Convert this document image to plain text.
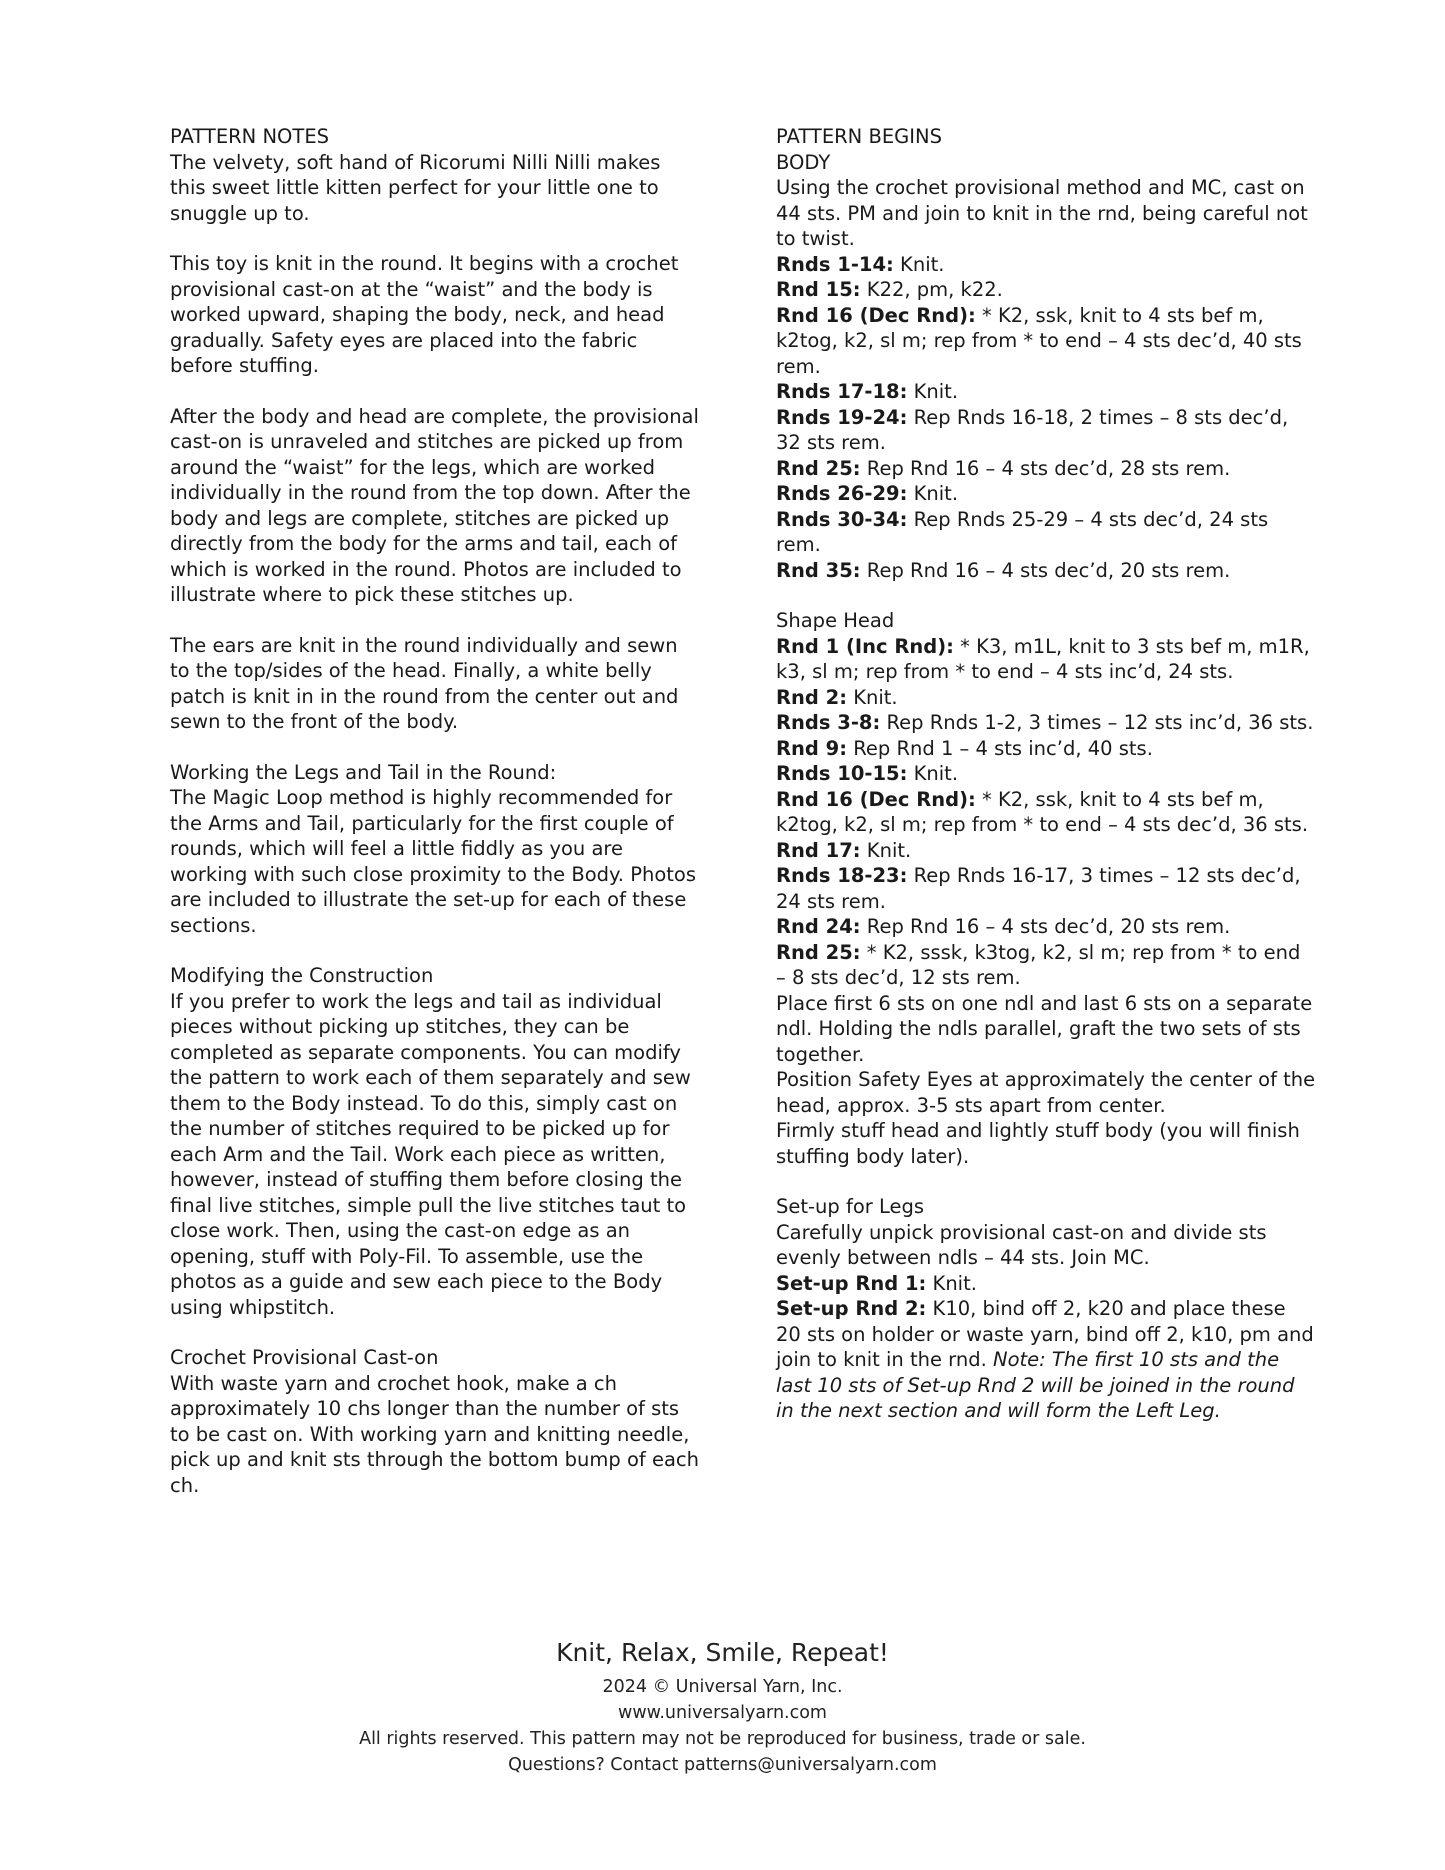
PATTERN NOTES

The velvety, soft hand of Ricorumi Nilli Nilli makes this sweet little kitten perfect for your little one to snuggle up to.

This toy is knit in the round. It begins with a crochet provisional cast-on at the “waist” and the body is worked upward, shaping the body, neck, and head gradually. Safety eyes are placed into the fabric before stuffing.

After the body and head are complete, the provisional cast-on is unraveled and stitches are picked up from around the “waist” for the legs, which are worked individually in the round from the top down. After the body and legs are complete, stitches are picked up directly from the body for the arms and tail, each of which is worked in the round. Photos are included to illustrate where to pick these stitches up.

The ears are knit in the round individually and sewn to the top/sides of the head. Finally, a white belly patch is knit in in the round from the center out and sewn to the front of the body.

Working the Legs and Tail in the Round:

The Magic Loop method is highly recommended for the Arms and Tail, particularly for the first couple of rounds, which will feel a little fiddly as you are working with such close proximity to the Body. Photos are included to illustrate the set-up for each of these sections.

Modifying the Construction

If you prefer to work the legs and tail as individual pieces without picking up stitches, they can be completed as separate components. You can modify the pattern to work each of them separately and sew them to the Body instead. To do this, simply cast on the number of stitches required to be picked up for each Arm and the Tail. Work each piece as written, however, instead of stuffing them before closing the final live stitches, simple pull the live stitches taut to close work. Then, using the cast-on edge as an opening, stuff with Poly-Fil. To assemble, use the photos as a guide and sew each piece to the Body using whipstitch.

Crochet Provisional Cast-on

With waste yarn and crochet hook, make a ch approximately 10 chs longer than the number of sts to be cast on. With working yarn and knitting needle, pick up and knit sts through the bottom bump of each ch.

PATTERN BEGINS

BODY

Using the crochet provisional method and MC, cast on 44 sts. PM and join to knit in the rnd, being careful not to twist.

Rnds 1-14: Knit.

Rnd 15: K22, pm, k22.

Rnd 16 (Dec Rnd): * K2, ssk, knit to 4 sts bef m, k2tog, k2, sl m; rep from * to end – 4 sts dec’d, 40 sts rem.

Rnds 17-18: Knit.

Rnds 19-24: Rep Rnds 16-18, 2 times – 8 sts dec’d, 32 sts rem.

Rnd 25: Rep Rnd 16 – 4 sts dec’d, 28 sts rem.

Rnds 26-29: Knit.

Rnds 30-34: Rep Rnds 25-29 – 4 sts dec’d, 24 sts rem.

Rnd 35: Rep Rnd 16 – 4 sts dec’d, 20 sts rem.

Shape Head

Rnd 1 (Inc Rnd): * K3, m1L, knit to 3 sts bef m, m1R, k3, sl m; rep from * to end – 4 sts inc’d, 24 sts.

Rnd 2: Knit.

Rnds 3-8: Rep Rnds 1-2, 3 times – 12 sts inc’d, 36 sts.

Rnd 9: Rep Rnd 1 – 4 sts inc’d, 40 sts.

Rnds 10-15: Knit.

Rnd 16 (Dec Rnd): * K2, ssk, knit to 4 sts bef m, k2tog, k2, sl m; rep from * to end – 4 sts dec’d, 36 sts.

Rnd 17: Knit.

Rnds 18-23: Rep Rnds 16-17, 3 times – 12 sts dec’d, 24 sts rem.

Rnd 24: Rep Rnd 16 – 4 sts dec’d, 20 sts rem.

Rnd 25: * K2, sssk, k3tog, k2, sl m; rep from * to end – 8 sts dec’d, 12 sts rem.

Place first 6 sts on one ndl and last 6 sts on a separate ndl. Holding the ndls parallel, graft the two sets of sts together.

Position Safety Eyes at approximately the center of the head, approx. 3-5 sts apart from center.

Firmly stuff head and lightly stuff body (you will finish stuffing body later).

Set-up for Legs

Carefully unpick provisional cast-on and divide sts evenly between ndls – 44 sts. Join MC.

Set-up Rnd 1: Knit.

Set-up Rnd 2: K10, bind off 2, k20 and place these 20 sts on holder or waste yarn, bind off 2, k10, pm and join to knit in the rnd. Note: The first 10 sts and the last 10 sts of Set-up Rnd 2 will be joined in the round in the next section and will form the Left Leg.

Knit, Relax, Smile, Repeat!
2024 © Universal Yarn, Inc.
www.universalyarn.com
All rights reserved. This pattern may not be reproduced for business, trade or sale.
Questions? Contact patterns@universalyarn.com
